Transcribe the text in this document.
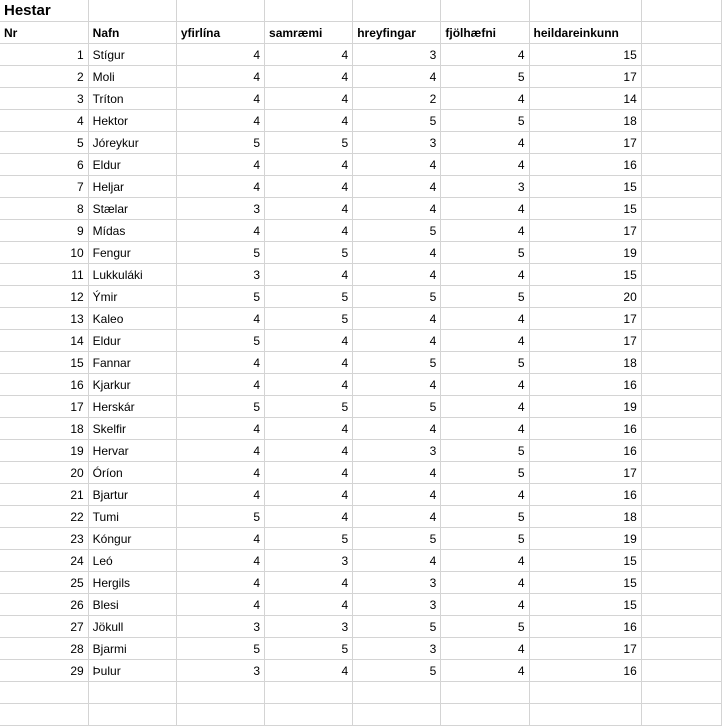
Hestar							
Nr	Nafn	yfirlína	samræmi	hreyfingar	fjölhæfni	heildareinkunn	
1	Stígur	4	4	3	4	15	
2	Moli	4	4	4	5	17	
3	Tríton	4	4	2	4	14	
4	Hektor	4	4	5	5	18	
5	Jóreykur	5	5	3	4	17	
6	Eldur	4	4	4	4	16	
7	Heljar	4	4	4	3	15	
8	Stælar	3	4	4	4	15	
9	Mídas	4	4	5	4	17	
10	Fengur	5	5	4	5	19	
11	Lukkuláki	3	4	4	4	15	
12	Ýmir	5	5	5	5	20	
13	Kaleo	4	5	4	4	17	
14	Eldur	5	4	4	4	17	
15	Fannar	4	4	5	5	18	
16	Kjarkur	4	4	4	4	16	
17	Herskár	5	5	5	4	19	
18	Skelfir	4	4	4	4	16	
19	Hervar	4	4	3	5	16	
20	Óríon	4	4	4	5	17	
21	Bjartur	4	4	4	4	16	
22	Tumi	5	4	4	5	18	
23	Kóngur	4	5	5	5	19	
24	Leó	4	3	4	4	15	
25	Hergils	4	4	3	4	15	
26	Blesi	4	4	3	4	15	
27	Jökull	3	3	5	5	16	
28	Bjarmi	5	5	3	4	17	
29	Þulur	3	4	5	4	16	
